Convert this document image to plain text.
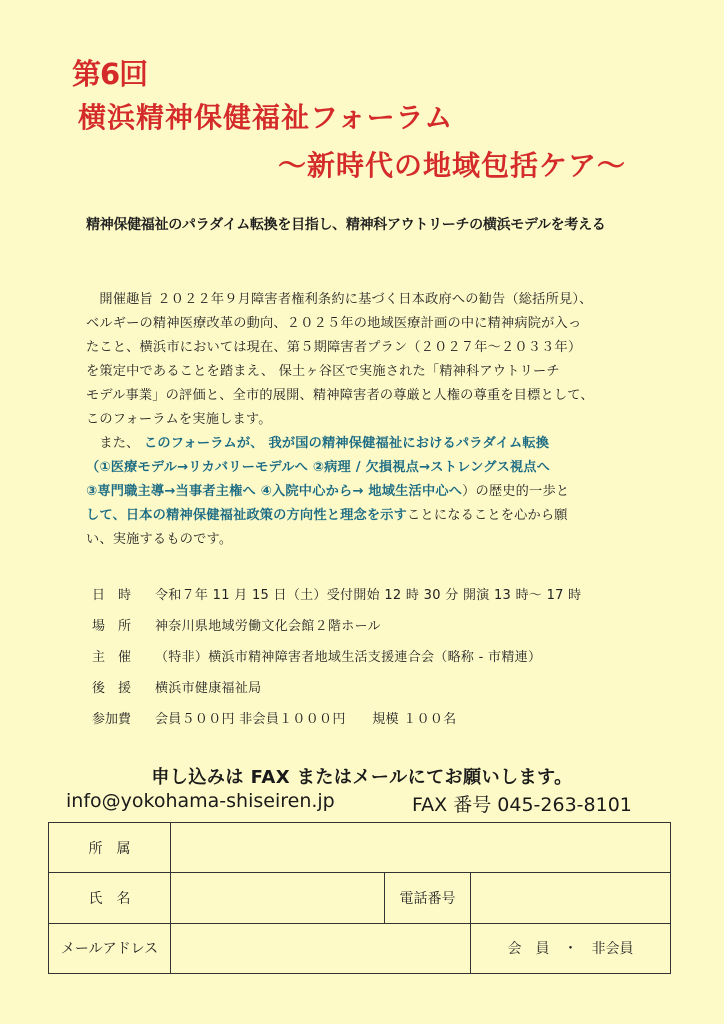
第6回
横浜精神保健福祉フォーラム
～新時代の地域包括ケア～
精神保健福祉のパラダイム転換を目指し、精神科アウトリーチの横浜モデルを考える

　開催趣旨 ２０２２年９月障害者権利条約に基づく日本政府への勧告（総括所見）、

ベルギーの精神医療改革の動向、２０２５年の地域医療計画の中に精神病院が入っ

たこと、横浜市においては現在、第５期障害者プラン（２０２７年～２０３３年）

を策定中であることを踏まえ、 保土ヶ谷区で実施された「精神科アウトリーチ

モデル事業」の評価と、全市的展開、精神障害者の尊厳と人権の尊重を目標として、

このフォーラムを実施します。

　また、 このフォーラムが、 我が国の精神保健福祉におけるパラダイム転換

（①医療モデル→リカバリーモデルへ ②病理 / 欠損視点→ストレングス視点へ

③専門職主導→当事者主権へ ④入院中心から→ 地域生活中心へ）の歴史的一歩と

して、日本の精神保健福祉政策の方向性と理念を示すことになることを心から願

い、実施するものです。

日　時	令和７年 11 月 15 日（土）受付開始 12 時 30 分 開演 13 時～ 17 時
場　所	神奈川県地域労働文化会館２階ホール
主　催	（特非）横浜市精神障害者地域生活支援連合会（略称 - 市精連）
後　援	横浜市健康福祉局
参加費	会員５００円 非会員１０００円　　規模 １００名
申し込みは FAX またはメールにてお願いします。
info@yokohama-shiseiren.jp	FAX 番号 045-263-8101
所　属			
氏　名		電話番号	
メールアドレス			会　員　・　非会員
